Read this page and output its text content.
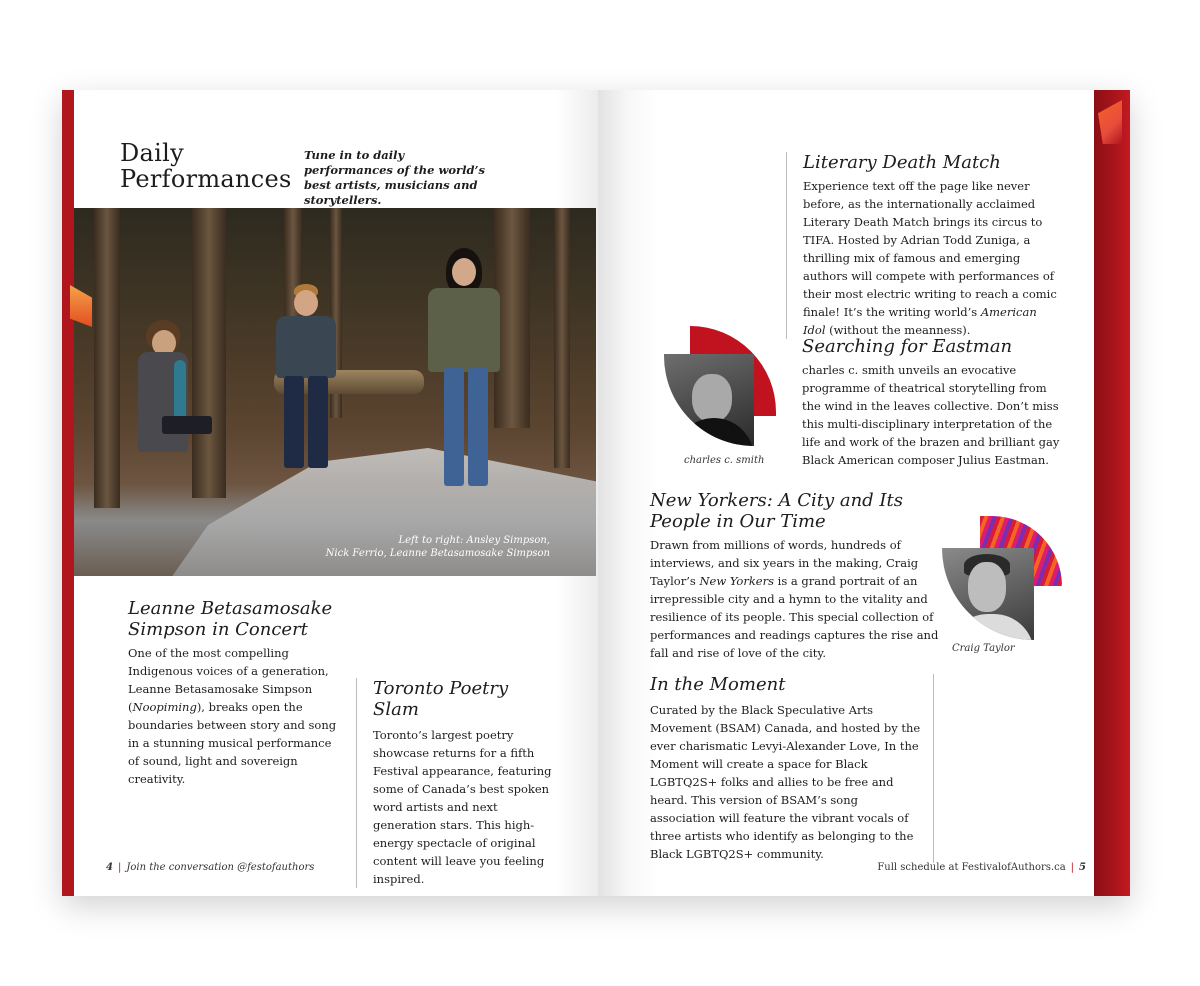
Daily
Performances

Tune in to daily performances of the world’s best artists, musicians and storytellers.

Left to right: Ansley Simpson,
Nick Ferrio, Leanne Betasamosake Simpson
Leanne Betasamosake
Simpson in Concert

One of the most compelling Indigenous voices of a generation, Leanne Betasamosake Simpson (Noopiming), breaks open the boundaries between story and song in a stunning musical performance of sound, light and sovereign creativity.

Toronto Poetry Slam

Toronto’s largest poetry showcase returns for a fifth Festival appearance, featuring some of Canada’s best spoken word artists and next generation stars. This high-energy spectacle of original content will leave you feeling inspired.

4 | Join the conversation @festofauthors
Literary Death Match

Experience text off the page like never before, as the internationally acclaimed Literary Death Match brings its circus to TIFA. Hosted by Adrian Todd Zuniga, a thrilling mix of famous and emerging authors will compete with performances of their most electric writing to reach a comic finale! It’s the writing world’s American Idol (without the meanness).

charles c. smith
Searching for Eastman

charles c. smith unveils an evocative programme of theatrical storytelling from the wind in the leaves collective. Don’t miss this multi-disciplinary interpretation of the life and work of the brazen and brilliant gay Black American composer Julius Eastman.

New Yorkers: A City and Its
People in Our Time

Drawn from millions of words, hundreds of interviews, and six years in the making, Craig Taylor’s New Yorkers is a grand portrait of an irrepressible city and a hymn to the vitality and resilience of its people. This special collection of performances and readings captures the rise and fall and rise of love of the city.	Craig Taylor
In the Moment

Curated by the Black Speculative Arts Movement (BSAM) Canada, and hosted by the ever charismatic Levyi-Alexander Love, In the Moment will create a space for Black LGBTQ2S+ folks and allies to be free and heard. This version of BSAM’s song association will feature the vibrant vocals of three artists who identify as belonging to the Black LGBTQ2S+ community.

Full schedule at FestivalofAuthors.ca | 5
